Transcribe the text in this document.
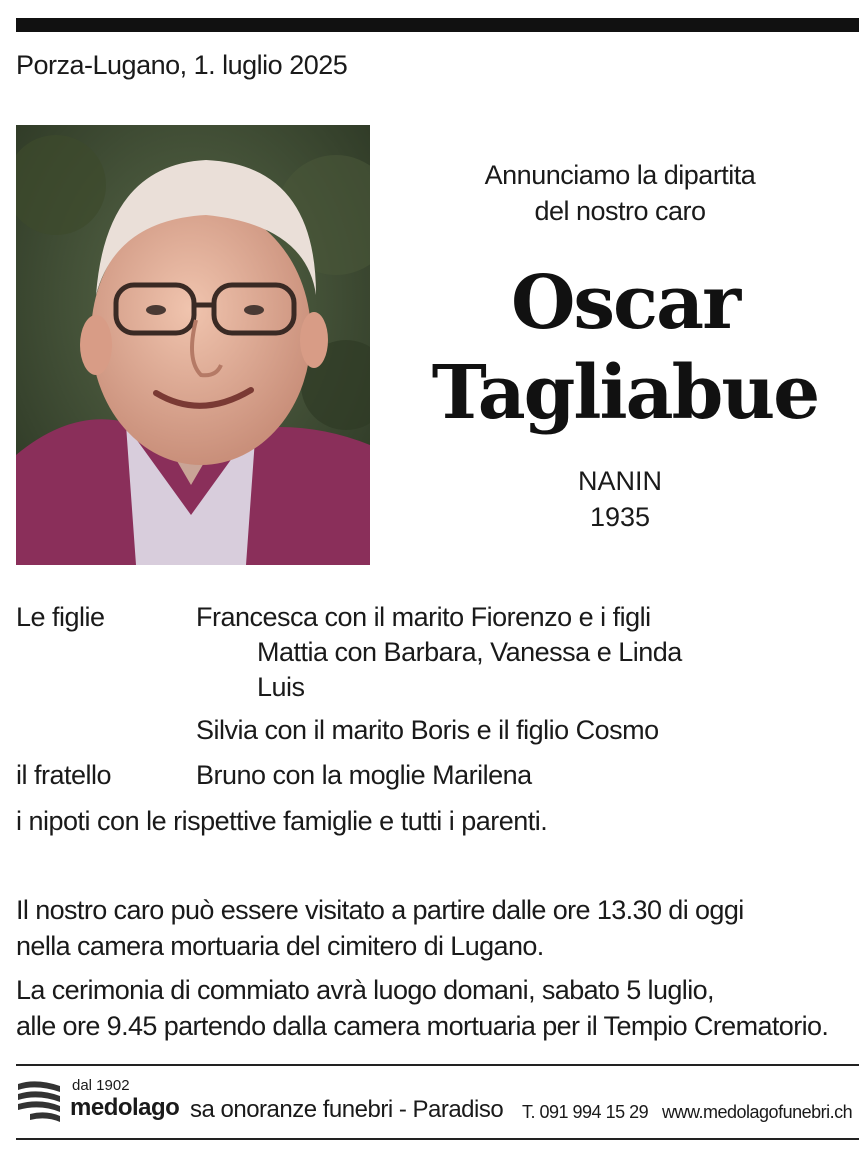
Porza-Lugano, 1. luglio 2025
Annunciamo la dipartita
del nostro caro
Oscar
Tagliabue
NANIN
1935
Le figlie	Francesca con il marito Fiorenzo e i figli
Mattia con Barbara, Vanessa e Linda
Luis
Silvia con il marito Boris e il figlio Cosmo
il fratello	Bruno con la moglie Marilena
i nipoti con le rispettive famiglie e tutti i parenti.
Il nostro caro può essere visitato a partire dalle ore 13.30 di oggi
nella camera mortuaria del cimitero di Lugano.
La cerimonia di commiato avrà luogo domani, sabato 5 luglio,
alle ore 9.45 partendo dalla camera mortuaria per il Tempio Crematorio.
dal 1902
medolago sa onoranze funebri - Paradiso T. 091 994 15 29 www.medolagofunebri.ch
